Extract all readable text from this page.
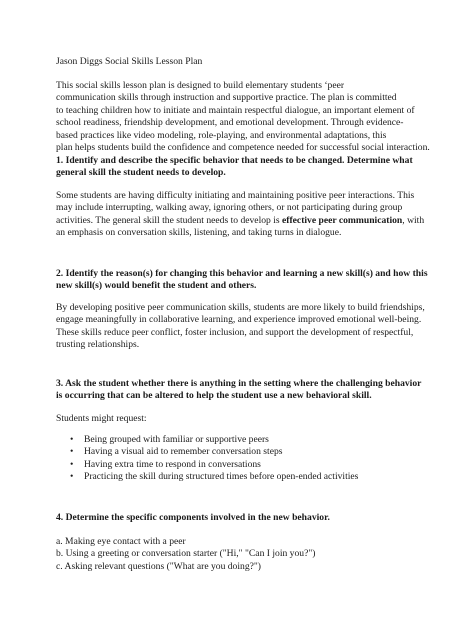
Jason Diggs Social Skills Lesson Plan

This social skills lesson plan is designed to build elementary students ‘peer
communication skills through instruction and supportive practice. The plan is committed
to teaching children how to initiate and maintain respectful dialogue, an important element of
school readiness, friendship development, and emotional development. Through evidence-
based practices like video modeling, role-playing, and environmental adaptations, this
plan helps students build the confidence and competence needed for successful social interaction.

1. Identify and describe the specific behavior that needs to be changed. Determine what
general skill the student needs to develop.

Some students are having difficulty initiating and maintaining positive peer interactions. This
may include interrupting, walking away, ignoring others, or not participating during group
activities. The general skill the student needs to develop is effective peer communication, with
an emphasis on conversation skills, listening, and taking turns in dialogue.

2. Identify the reason(s) for changing this behavior and learning a new skill(s) and how this
new skill(s) would benefit the student and others.

By developing positive peer communication skills, students are more likely to build friendships,
engage meaningfully in collaborative learning, and experience improved emotional well-being.
These skills reduce peer conflict, foster inclusion, and support the development of respectful,
trusting relationships.

3. Ask the student whether there is anything in the setting where the challenging behavior
is occurring that can be altered to help the student use a new behavioral skill.

Students might request:

• Being grouped with familiar or supportive peers
• Having a visual aid to remember conversation steps
• Having extra time to respond in conversations
• Practicing the skill during structured times before open-ended activities

4. Determine the specific components involved in the new behavior.

a. Making eye contact with a peer
b. Using a greeting or conversation starter ("Hi," "Can I join you?")
c. Asking relevant questions ("What are you doing?")
